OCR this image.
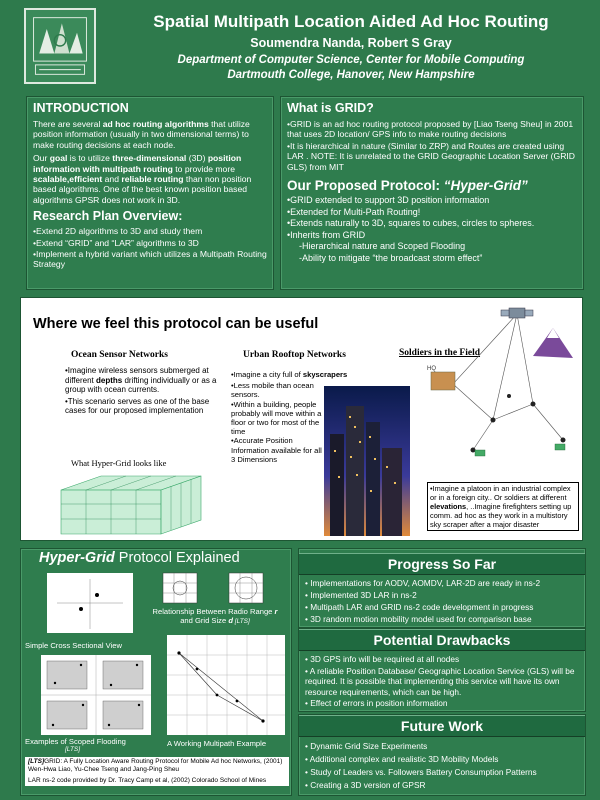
Spatial Multipath Location Aided Ad Hoc Routing
Soumendra Nanda, Robert S Gray
Department of Computer Science, Center for Mobile Computing
Dartmouth College, Hanover, New Hampshire
INTRODUCTION
There are several ad hoc routing algorithms that utilize position information (usually in two dimensional terms) to make routing decisions at each node.
Our goal is to utilize three-dimensional (3D) position information with multipath routing to provide more scalable,efficient and reliable routing than non position based algorithms. One of the best known position based algorithms GPSR does not work in 3D.
Research Plan Overview:
•Extend 2D algorithms to 3D and study them
•Extend “GRID” and “LAR” algorithms to 3D
•Implement a hybrid variant which utilizes a Multipath Routing Strategy
What is GRID?
•GRID is an ad hoc routing protocol proposed by [Liao Tseng Sheu] in 2001 that uses 2D location/ GPS info to make routing decisions
•It is hierarchical in nature (Similar to ZRP) and Routes are created using LAR . NOTE: It is unrelated to the GRID Geographic Location Server (GRID GLS) from MIT
Our Proposed Protocol: “Hyper-Grid”
•GRID extended to support 3D position information
•Extended for Multi-Path Routing!
•Extends naturally to 3D, squares to cubes, circles to spheres.
•Inherits from GRID
-Hierarchical nature and Scoped Flooding
-Ability to mitigate “the broadcast storm effect”
Where we feel this protocol can be useful
Ocean Sensor Networks
•Imagine wireless sensors submerged at different depths drifting individually or as a group with ocean currents.
•This scenario serves as one of the base cases for our proposed implementation
What Hyper-Grid looks like
Urban Rooftop Networks
•Imagine a city full of skyscrapers
•Less mobile than ocean sensors.
•Within a building, people probably will move within a floor or two for most of the time
•Accurate Position Information available for all 3 Dimensions
Soldiers in the Field
HQ
•Imagine a platoon in an industrial complex or in a foreign city.. Or soldiers at different elevations, ..Imagine firefighters setting up comm. ad hoc as they work in a multistory sky scraper after a major disaster
Hyper-Grid Protocol Explained
Simple Cross Sectional View
Relationship Between Radio Range r
and Grid Size d [LTS]
Examples of Scoped Flooding
[LTS]
A Working Multipath Example
[LTS]GRID: A Fully Location Aware Routing Protocol for Mobile Ad hoc Networks, (2001) Wen-Hwa Liao, Yu-Chee Tseng and Jang-Ping Sheu
LAR ns-2 code provided by Dr. Tracy Camp et al, (2002) Colorado School of Mines
Progress So Far
• Implementations for AODV, AOMDV, LAR-2D are ready in ns-2
• Implemented 3D LAR in ns-2
• Multipath LAR and GRID ns-2 code development in progress
• 3D random motion mobility model used for comparison base
Potential Drawbacks
• 3D GPS info will be required at all nodes
• A reliable Position Database/ Geographic Location Service (GLS) will be required. It is possible that implementing this service will have its own resource requirements, which can be high.
• Effect of errors in position information
Future Work
• Dynamic Grid Size Experiments
• Additional complex and realistic 3D Mobility Models
• Study of Leaders vs. Followers Battery Consumption Patterns
• Creating a 3D version of GPSR
